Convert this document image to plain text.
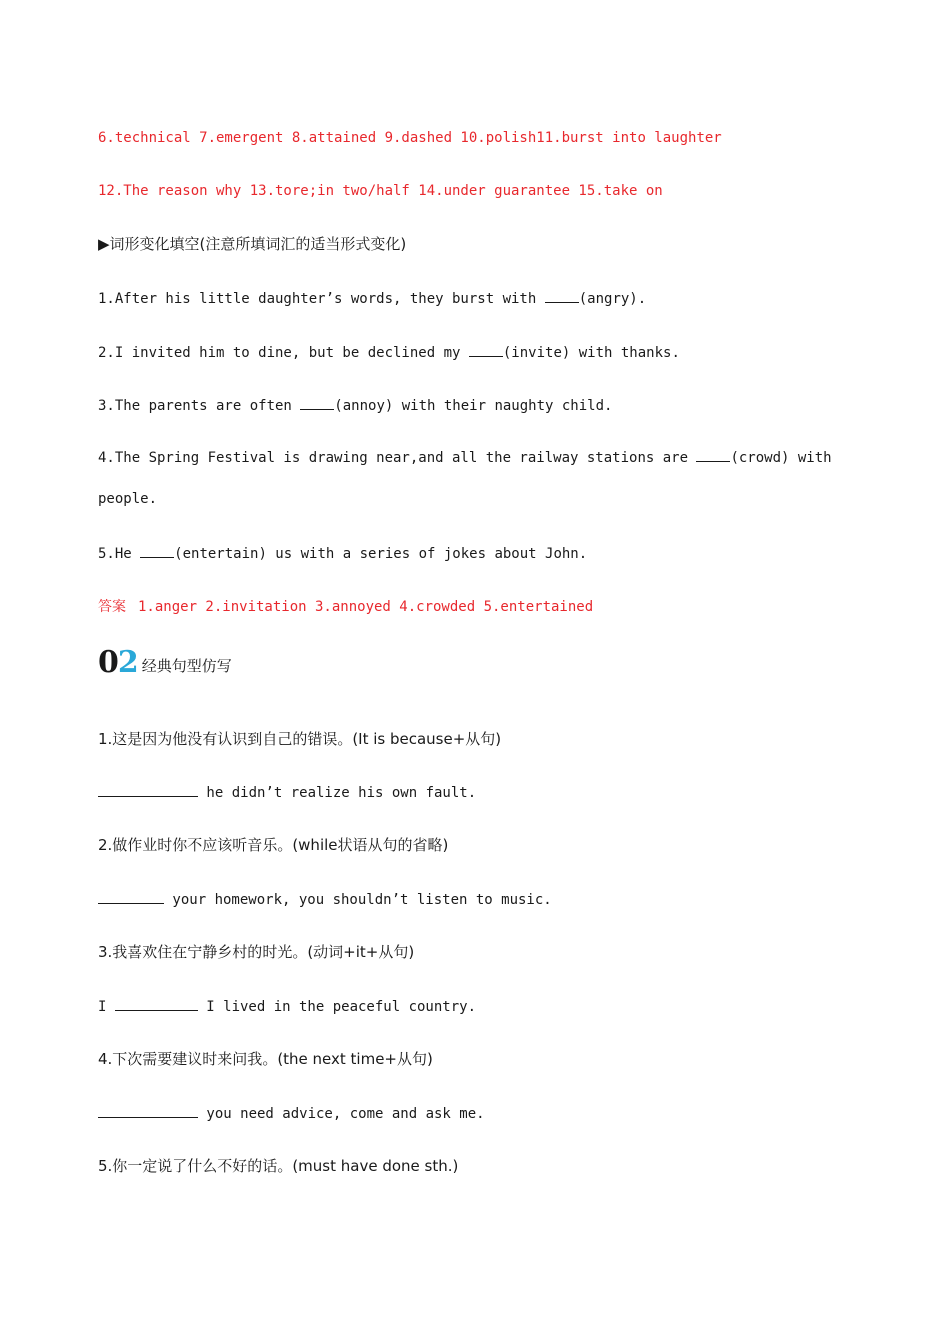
6.technical 7.emergent 8.attained 9.dashed 10.polish11.burst into laughter
12.The reason why 13.tore;in two/half 14.under guarantee 15.take on
▶词形变化填空(注意所填词汇的适当形式变化)
1.After his little daughter’s words, they burst with (angry).
2.I invited him to dine, but be declined my (invite) with thanks.
3.The parents are often (annoy) with their naughty child.
4.The Spring Festival is drawing near,and all the railway stations are (crowd) with people.
5.He (entertain) us with a series of jokes about John.
答案 1.anger 2.invitation 3.annoyed 4.crowded 5.entertained
02 经典句型仿写
1.这是因为他没有认识到自己的错误。(It is because+从句)
he didn’t realize his own fault.
2.做作业时你不应该听音乐。(while状语从句的省略)
your homework, you shouldn’t listen to music.
3.我喜欢住在宁静乡村的时光。(动词+it+从句)
I	I lived in the peaceful country.
4.下次需要建议时来问我。(the next time+从句)
you need advice, come and ask me.
5.你一定说了什么不好的话。(must have done sth.)
